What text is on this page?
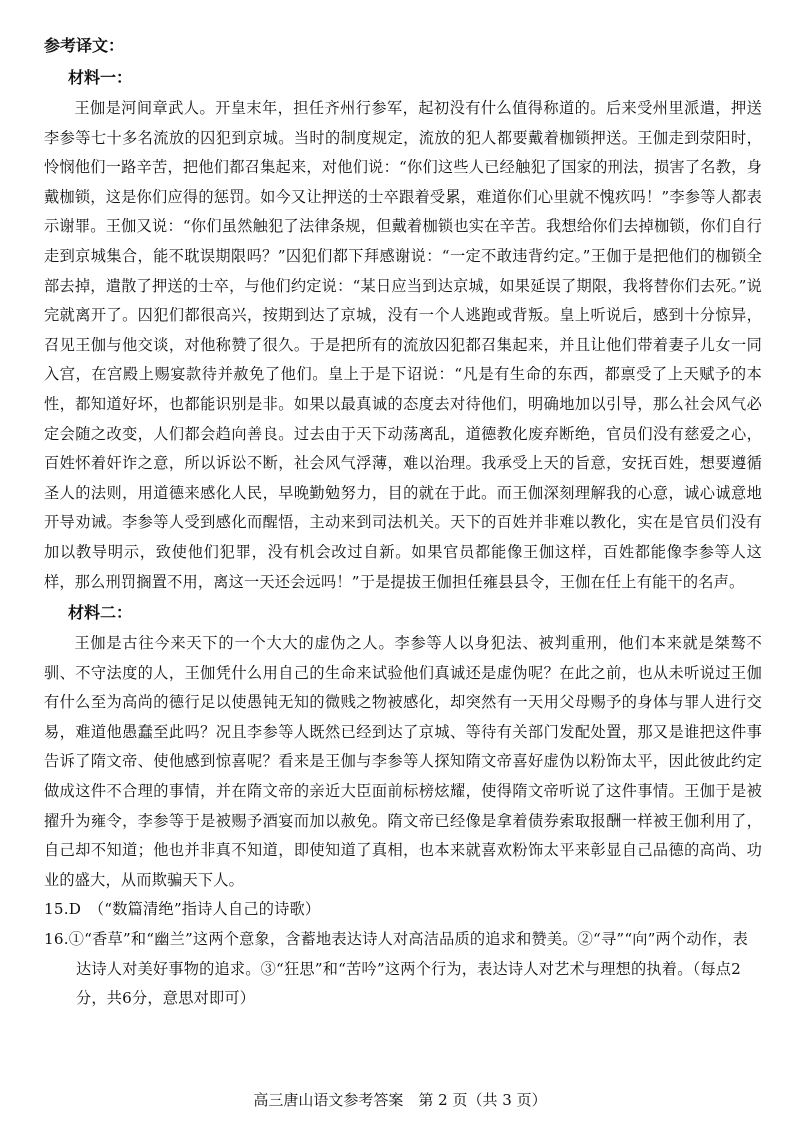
参考译文：

材料一：

王伽是河间章武人。开皇末年，担任齐州行参军，起初没有什么值得称道的。后来受州里派遣，押送李参等七十多名流放的囚犯到京城。当时的制度规定，流放的犯人都要戴着枷锁押送。王伽走到荥阳时，怜悯他们一路辛苦，把他们都召集起来，对他们说：“你们这些人已经触犯了国家的刑法，损害了名教，身戴枷锁，这是你们应得的惩罚。如今又让押送的士卒跟着受累，难道你们心里就不愧疚吗！”李参等人都表示谢罪。王伽又说：“你们虽然触犯了法律条规，但戴着枷锁也实在辛苦。我想给你们去掉枷锁，你们自行走到京城集合，能不耽误期限吗？”囚犯们都下拜感谢说：“一定不敢违背约定。”王伽于是把他们的枷锁全部去掉，遣散了押送的士卒，与他们约定说：“某日应当到达京城，如果延误了期限，我将替你们去死。”说完就离开了。囚犯们都很高兴，按期到达了京城，没有一个人逃跑或背叛。皇上听说后，感到十分惊异，召见王伽与他交谈，对他称赞了很久。于是把所有的流放囚犯都召集起来，并且让他们带着妻子儿女一同入宫，在宫殿上赐宴款待并赦免了他们。皇上于是下诏说：“凡是有生命的东西，都禀受了上天赋予的本性，都知道好坏，也都能识别是非。如果以最真诚的态度去对待他们，明确地加以引导，那么社会风气必定会随之改变，人们都会趋向善良。过去由于天下动荡离乱，道德教化废弃断绝，官员们没有慈爱之心，百姓怀着奸诈之意，所以诉讼不断，社会风气浮薄，难以治理。我承受上天的旨意，安抚百姓，想要遵循圣人的法则，用道德来感化人民，早晚勤勉努力，目的就在于此。而王伽深刻理解我的心意，诚心诚意地开导劝诫。李参等人受到感化而醒悟，主动来到司法机关。天下的百姓并非难以教化，实在是官员们没有加以教导明示，致使他们犯罪，没有机会改过自新。如果官员都能像王伽这样，百姓都能像李参等人这样，那么刑罚搁置不用，离这一天还会远吗！”于是提拔王伽担任雍县县令，王伽在任上有能干的名声。

材料二：

王伽是古往今来天下的一个大大的虚伪之人。李参等人以身犯法、被判重刑，他们本来就是桀骜不驯、不守法度的人，王伽凭什么用自己的生命来试验他们真诚还是虚伪呢？在此之前，也从未听说过王伽有什么至为高尚的德行足以使愚钝无知的微贱之物被感化，却突然有一天用父母赐予的身体与罪人进行交易，难道他愚蠢至此吗？况且李参等人既然已经到达了京城、等待有关部门发配处置，那又是谁把这件事告诉了隋文帝、使他感到惊喜呢？看来是王伽与李参等人探知隋文帝喜好虚伪以粉饰太平，因此彼此约定做成这件不合理的事情，并在隋文帝的亲近大臣面前标榜炫耀，使得隋文帝听说了这件事情。王伽于是被擢升为雍令，李参等于是被赐予酒宴而加以赦免。隋文帝已经像是拿着债券索取报酬一样被王伽利用了，自己却不知道；他也并非真不知道，即使知道了真相，也本来就喜欢粉饰太平来彰显自己品德的高尚、功业的盛大，从而欺骗天下人。

15.D　（“数篇清绝”指诗人自己的诗歌）

16.①“香草”和“幽兰”这两个意象，含蓄地表达诗人对高洁品质的追求和赞美。②“寻”“向”两个动作，表达诗人对美好事物的追求。③“狂思”和“苦吟”这两个行为，表达诗人对艺术与理想的执着。（每点2分，共6分，意思对即可）

高三唐山语文参考答案　第 2 页（共 3 页）
